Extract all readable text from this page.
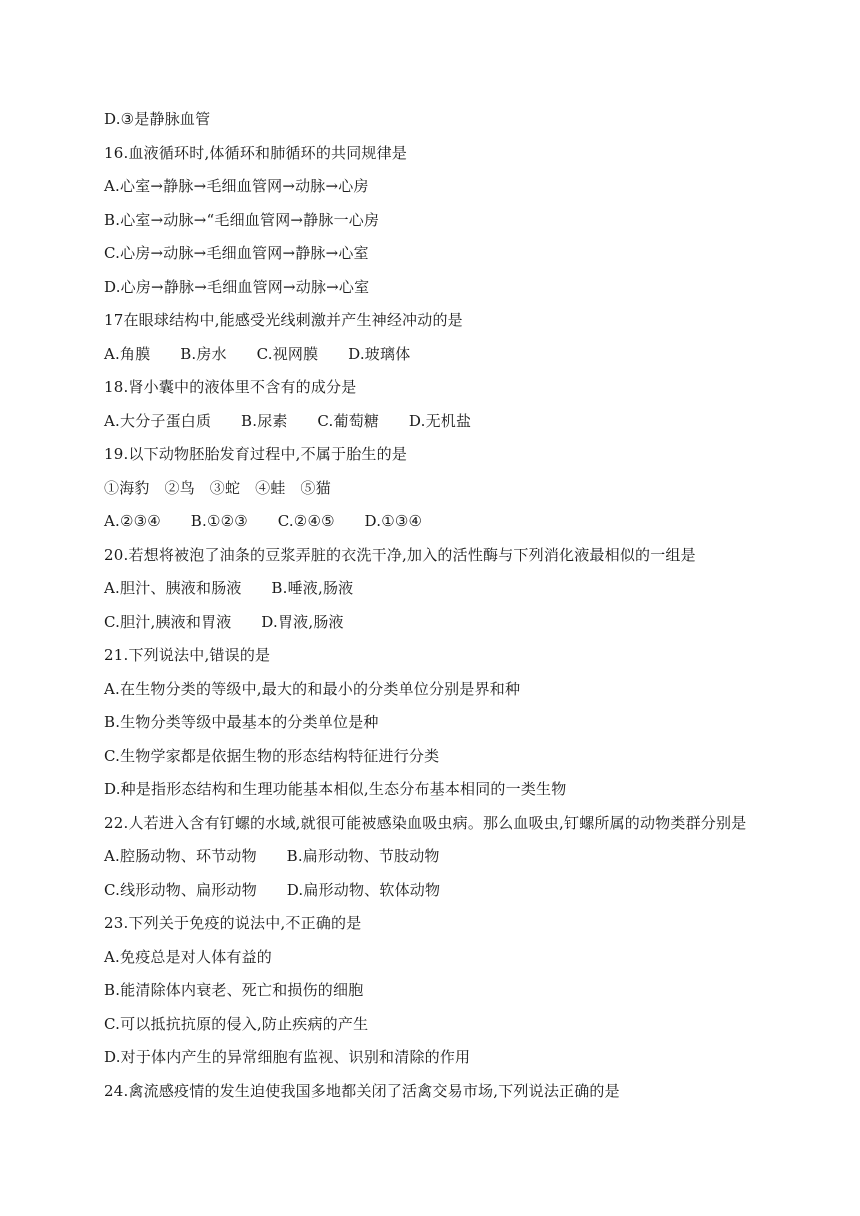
D.③是静脉血管
16.血液循环时,体循环和肺循环的共同规律是
A.心室→静脉→毛细血管网→动脉→心房
B.心室→动脉→“毛细血管网→静脉一心房
C.心房→动脉→毛细血管网→静脉→心室
D.心房→静脉→毛细血管网→动脉→心室
17在眼球结构中,能感受光线刺激并产生神经冲动的是
A.角膜      B.房水      C.视网膜      D.玻璃体
18.肾小囊中的液体里不含有的成分是
A.大分子蛋白质      B.尿素      C.葡萄糖      D.无机盐
19.以下动物胚胎发育过程中,不属于胎生的是
①海豹   ②鸟   ③蛇   ④蛙   ⑤猫
A.②③④      B.①②③      C.②④⑤      D.①③④
20.若想将被泡了油条的豆浆弄脏的衣洗干净,加入的活性酶与下列消化液最相似的一组是
A.胆汁、胰液和肠液      B.唾液,肠液
C.胆汁,胰液和胃液      D.胃液,肠液
21.下列说法中,错误的是
A.在生物分类的等级中,最大的和最小的分类单位分别是界和种
B.生物分类等级中最基本的分类单位是种
C.生物学家都是依据生物的形态结构特征进行分类
D.种是指形态结构和生理功能基本相似,生态分布基本相同的一类生物
22.人若进入含有钉螺的水域,就很可能被感染血吸虫病。那么血吸虫,钉螺所属的动物类群分别是
A.腔肠动物、环节动物      B.扁形动物、节肢动物
C.线形动物、扁形动物      D.扁形动物、软体动物
23.下列关于免疫的说法中,不正确的是
A.免疫总是对人体有益的
B.能清除体内衰老、死亡和损伤的细胞
C.可以抵抗抗原的侵入,防止疾病的产生
D.对于体内产生的异常细胞有监视、识别和清除的作用
24.禽流感疫情的发生迫使我国多地都关闭了活禽交易市场,下列说法正确的是
